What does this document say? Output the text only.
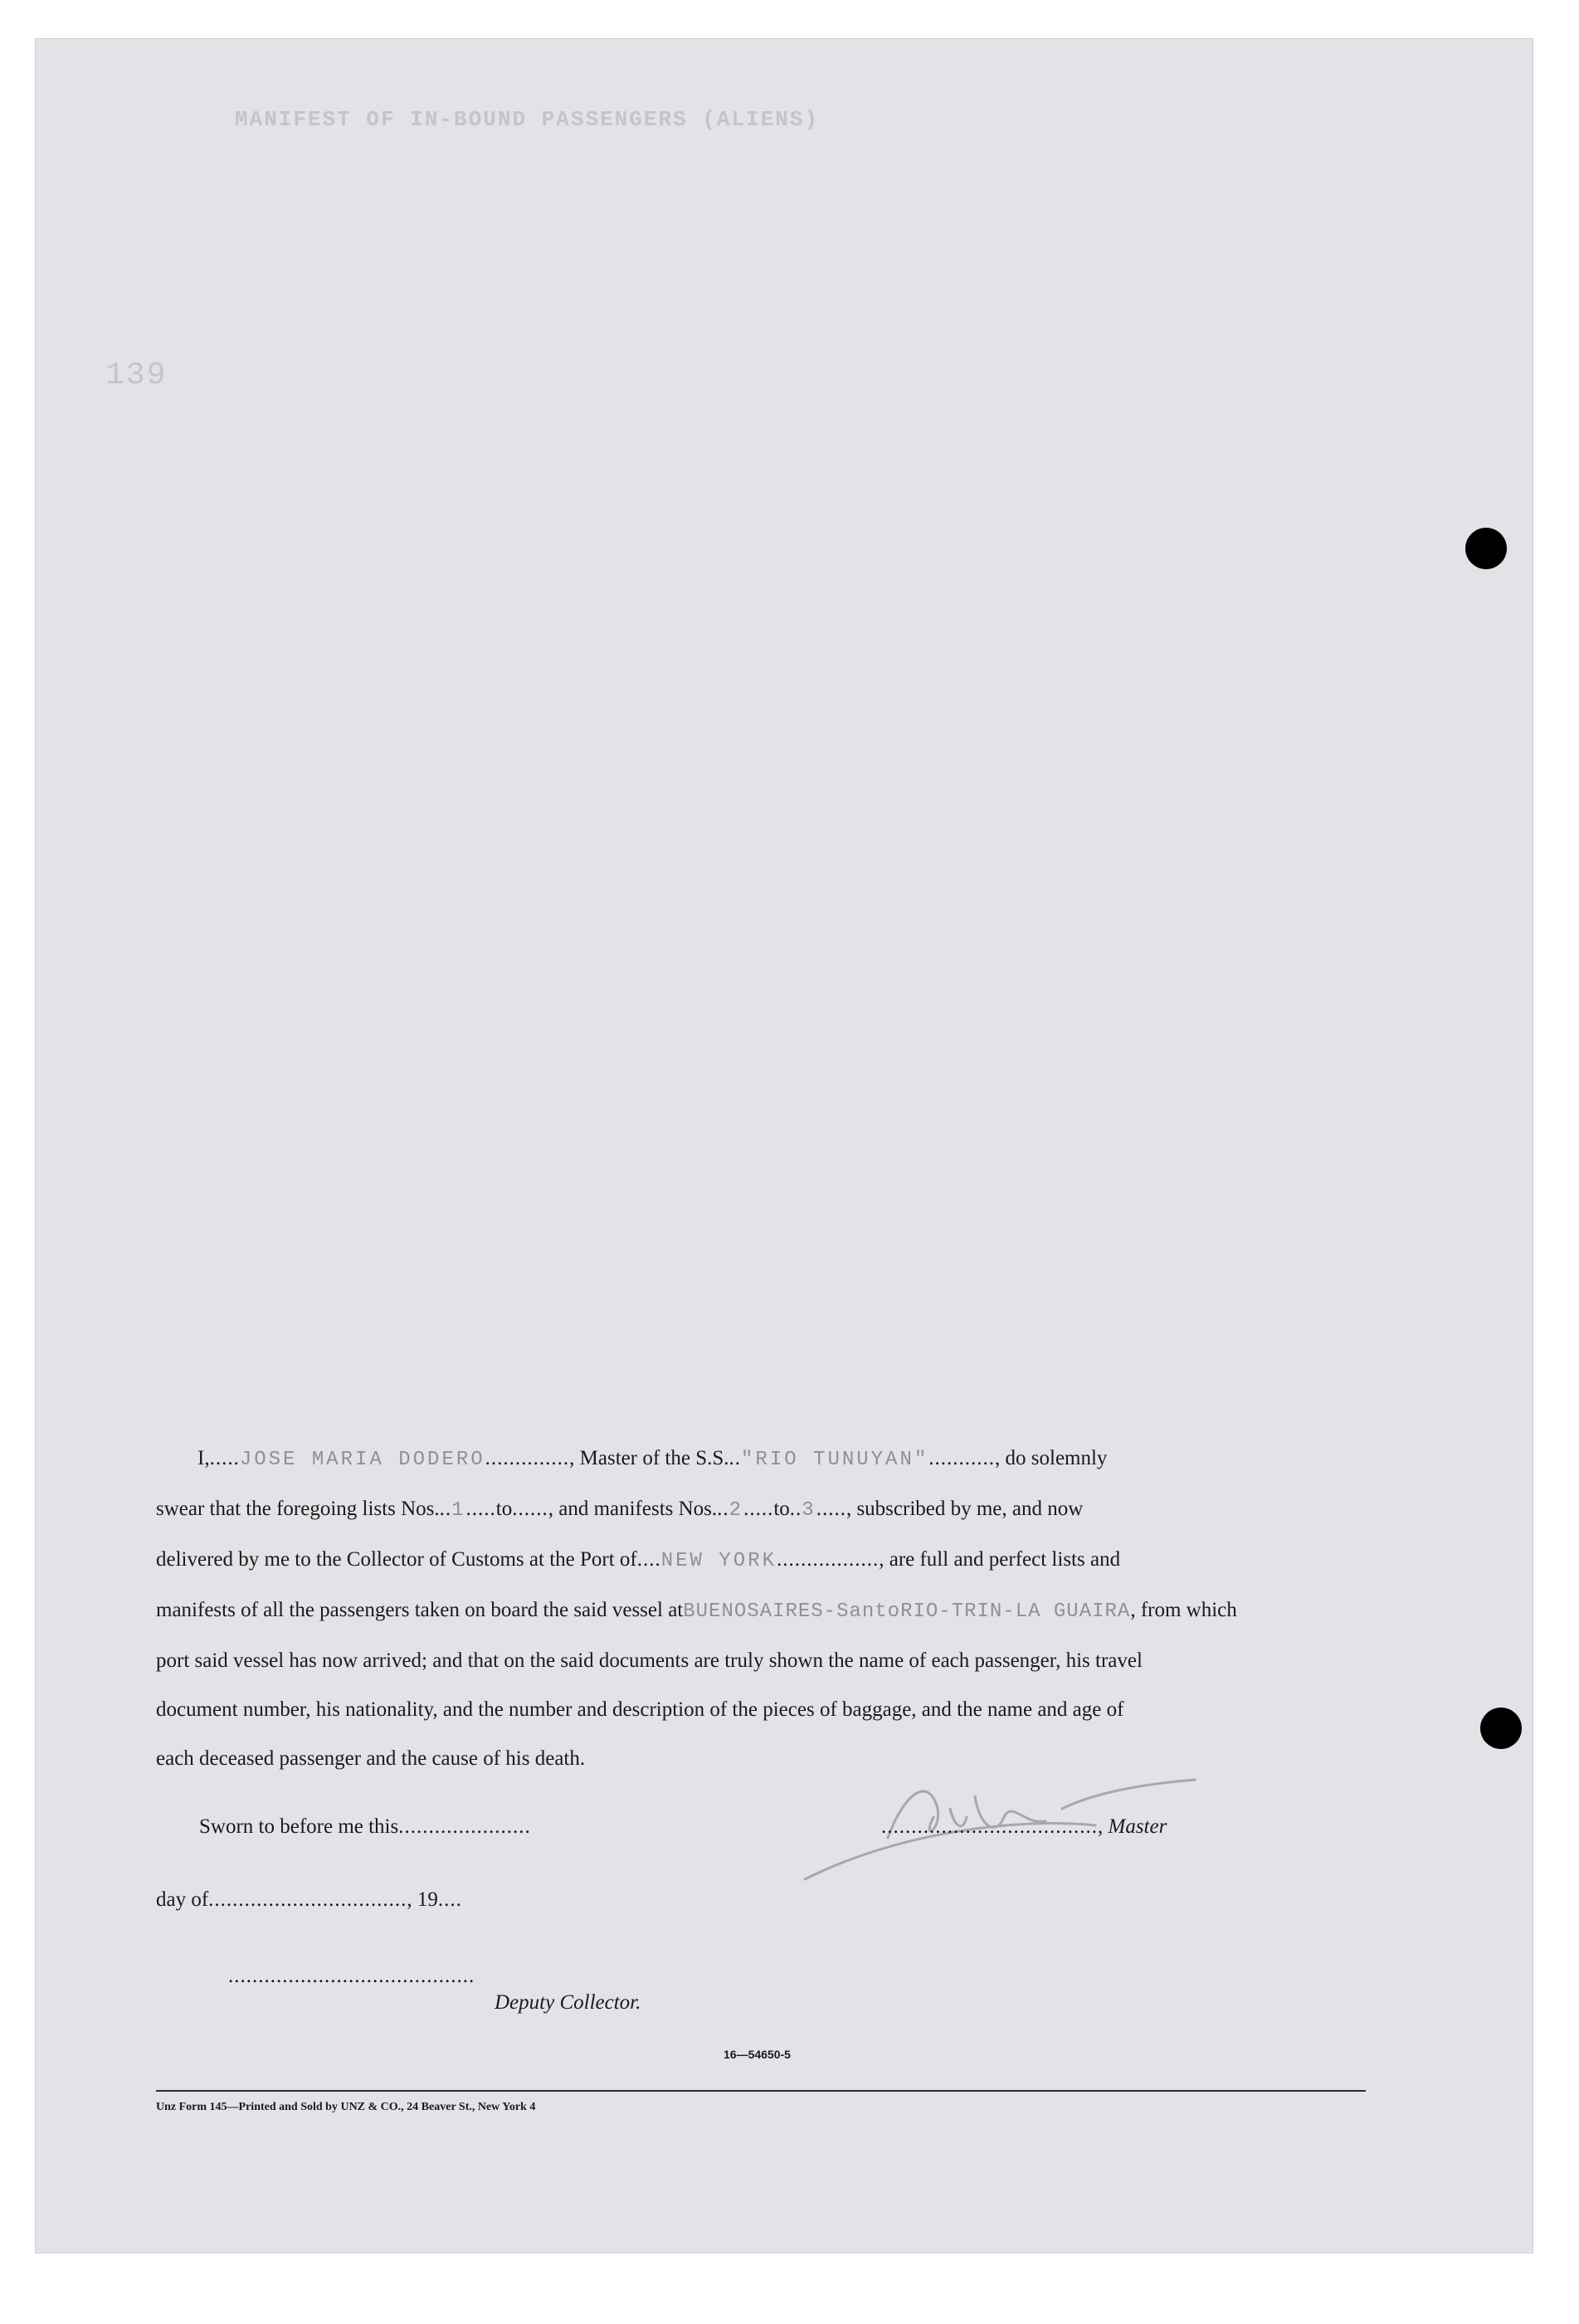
MANIFEST OF IN-BOUND PASSENGERS (ALIENS)
139
I,.....JOSE MARIA DODERO.............., Master of the S.S..."RIO TUNUYAN"..........., do solemnly
swear that the foregoing lists Nos...1.....to......, and manifests Nos...2.....to..3....., subscribed by me, and now
delivered by me to the Collector of Customs at the Port of....NEW YORK................., are full and perfect lists and
manifests of all the passengers taken on board the said vessel atBUENOSAIRES-SantoRIO-TRIN-LA GUAIRA, from which
port said vessel has now arrived; and that on the said documents are truly shown the name of each passenger, his travel
document number, his nationality, and the number and description of the pieces of baggage, and the name and age of
each deceased passenger and the cause of his death.
Sworn to before me this......................
day of................................., 19....
.........................................
Deputy Collector.
...................................., Master
16—54650-5
Unz Form 145—Printed and Sold by UNZ & CO., 24 Beaver St., New York 4
